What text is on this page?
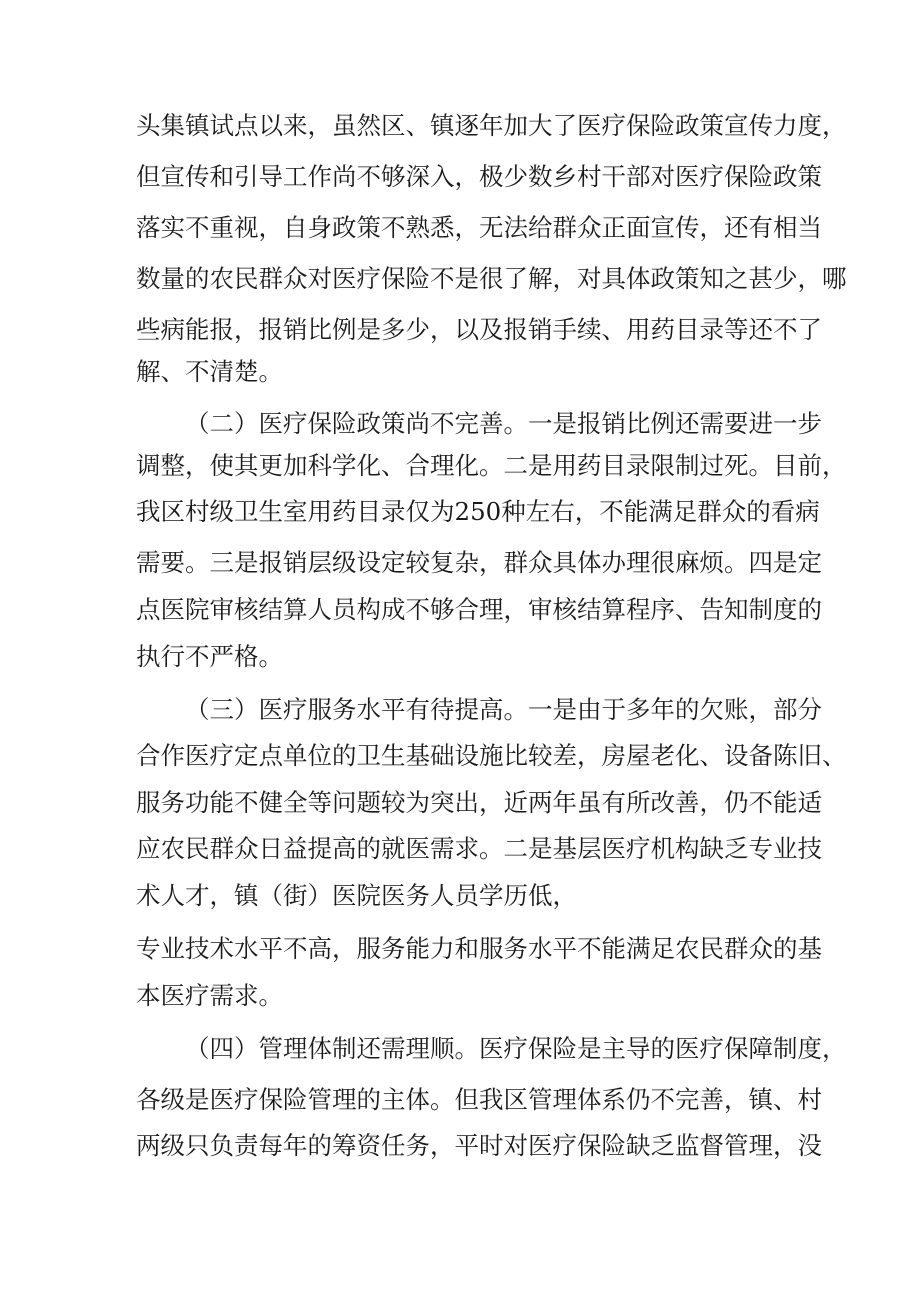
头集镇试点以来，虽然区、镇逐年加大了医疗保险政策宣传力度，
但宣传和引导工作尚不够深入，极少数乡村干部对医疗保险政策
落实不重视，自身政策不熟悉，无法给群众正面宣传，还有相当
数量的农民群众对医疗保险不是很了解，对具体政策知之甚少，哪
些病能报，报销比例是多少，以及报销手续、用药目录等还不了
解、不清楚。
（二）医疗保险政策尚不完善。一是报销比例还需要进一步
调整，使其更加科学化、合理化。二是用药目录限制过死。目前，
我区村级卫生室用药目录仅为250种左右，不能满足群众的看病
需要。三是报销层级设定较复杂，群众具体办理很麻烦。四是定
点医院审核结算人员构成不够合理，审核结算程序、告知制度的
执行不严格。
（三）医疗服务水平有待提高。一是由于多年的欠账，部分
合作医疗定点单位的卫生基础设施比较差，房屋老化、设备陈旧、
服务功能不健全等问题较为突出，近两年虽有所改善，仍不能适
应农民群众日益提高的就医需求。二是基层医疗机构缺乏专业技
术人才，镇（街）医院医务人员学历低，
专业技术水平不高，服务能力和服务水平不能满足农民群众的基
本医疗需求。
（四）管理体制还需理顺。医疗保险是主导的医疗保障制度，
各级是医疗保险管理的主体。但我区管理体系仍不完善，镇、村
两级只负责每年的筹资任务，平时对医疗保险缺乏监督管理，没
